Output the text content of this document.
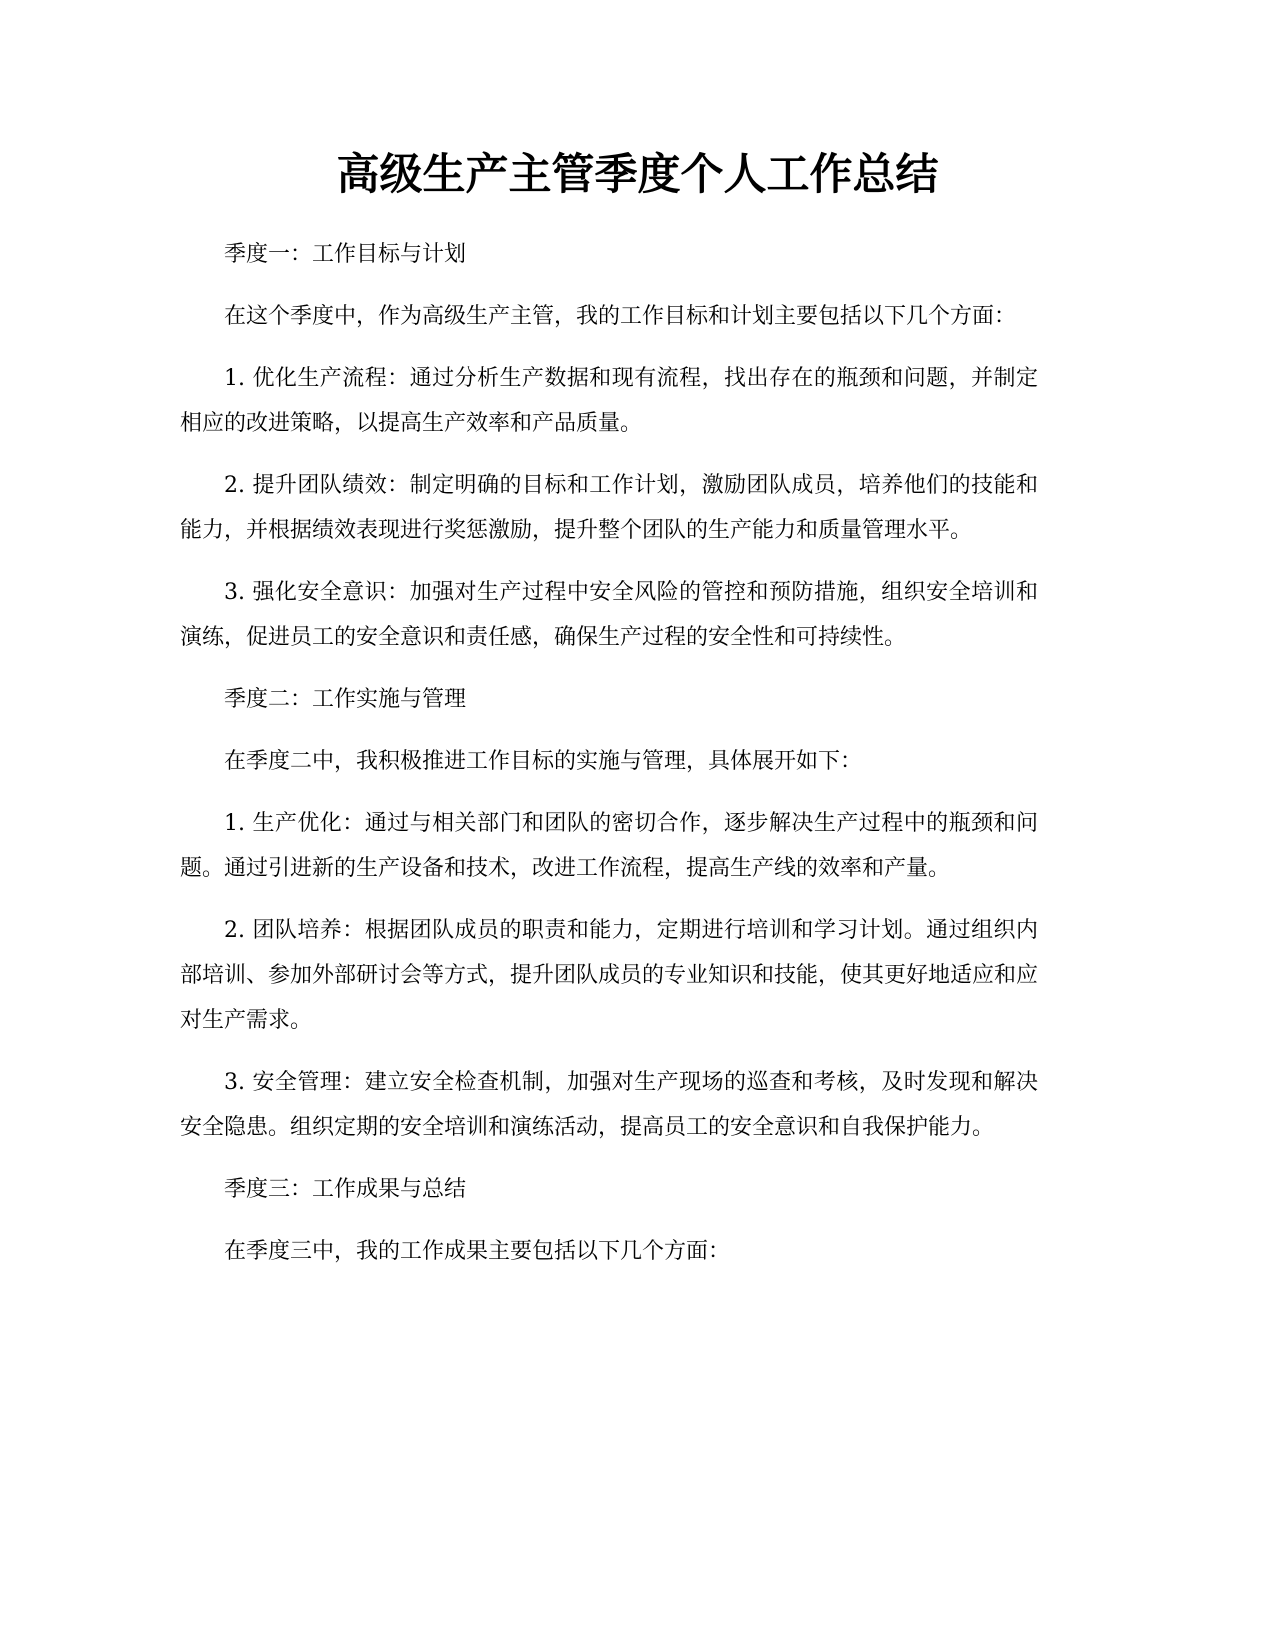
高级生产主管季度个人工作总结

季度一：工作目标与计划

在这个季度中，作为高级生产主管，我的工作目标和计划主要包括以下几个方面：

1. 优化生产流程：通过分析生产数据和现有流程，找出存在的瓶颈和问题，并制定相应的改进策略，以提高生产效率和产品质量。

2. 提升团队绩效：制定明确的目标和工作计划，激励团队成员，培养他们的技能和能力，并根据绩效表现进行奖惩激励，提升整个团队的生产能力和质量管理水平。

3. 强化安全意识：加强对生产过程中安全风险的管控和预防措施，组织安全培训和演练，促进员工的安全意识和责任感，确保生产过程的安全性和可持续性。

季度二：工作实施与管理

在季度二中，我积极推进工作目标的实施与管理，具体展开如下：

1. 生产优化：通过与相关部门和团队的密切合作，逐步解决生产过程中的瓶颈和问题。通过引进新的生产设备和技术，改进工作流程，提高生产线的效率和产量。

2. 团队培养：根据团队成员的职责和能力，定期进行培训和学习计划。通过组织内部培训、参加外部研讨会等方式，提升团队成员的专业知识和技能，使其更好地适应和应对生产需求。

3. 安全管理：建立安全检查机制，加强对生产现场的巡查和考核，及时发现和解决安全隐患。组织定期的安全培训和演练活动，提高员工的安全意识和自我保护能力。

季度三：工作成果与总结

在季度三中，我的工作成果主要包括以下几个方面：
